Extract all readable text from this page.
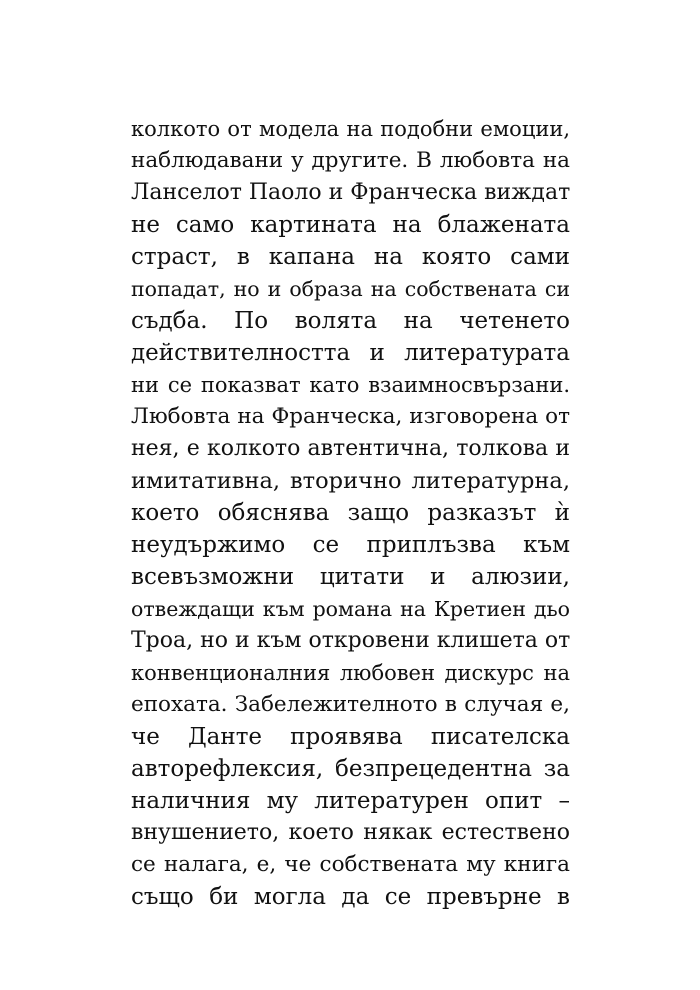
колкото от модела на подобни емоции,
наблюдавани у другите. В любовта на
Ланселот Паоло и Франческа виждат
не само картината на блажената
страст, в капана на която сами
попадат, но и образа на собствената си
съдба. По волята на четенето
действителността и литературата
ни се показват като взаимносвързани.
Любовта на Франческа, изговорена от
нея, е колкото автентична, толкова и
имитативна, вторично литературна,
което обяснява защо разказът ѝ
неудържимо се приплъзва към
всевъзможни цитати и алюзии,
отвеждащи към романа на Кретиен дьо
Троа, но и към откровени клишета от
конвенционалния любовен дискурс на
епохата. Забележителното в случая е,
че Данте проявява писателска
авторефлексия, безпрецедентна за
наличния му литературен опит –
внушението, което някак естествено
се налага, е, че собствената му книга
също би могла да се превърне в
